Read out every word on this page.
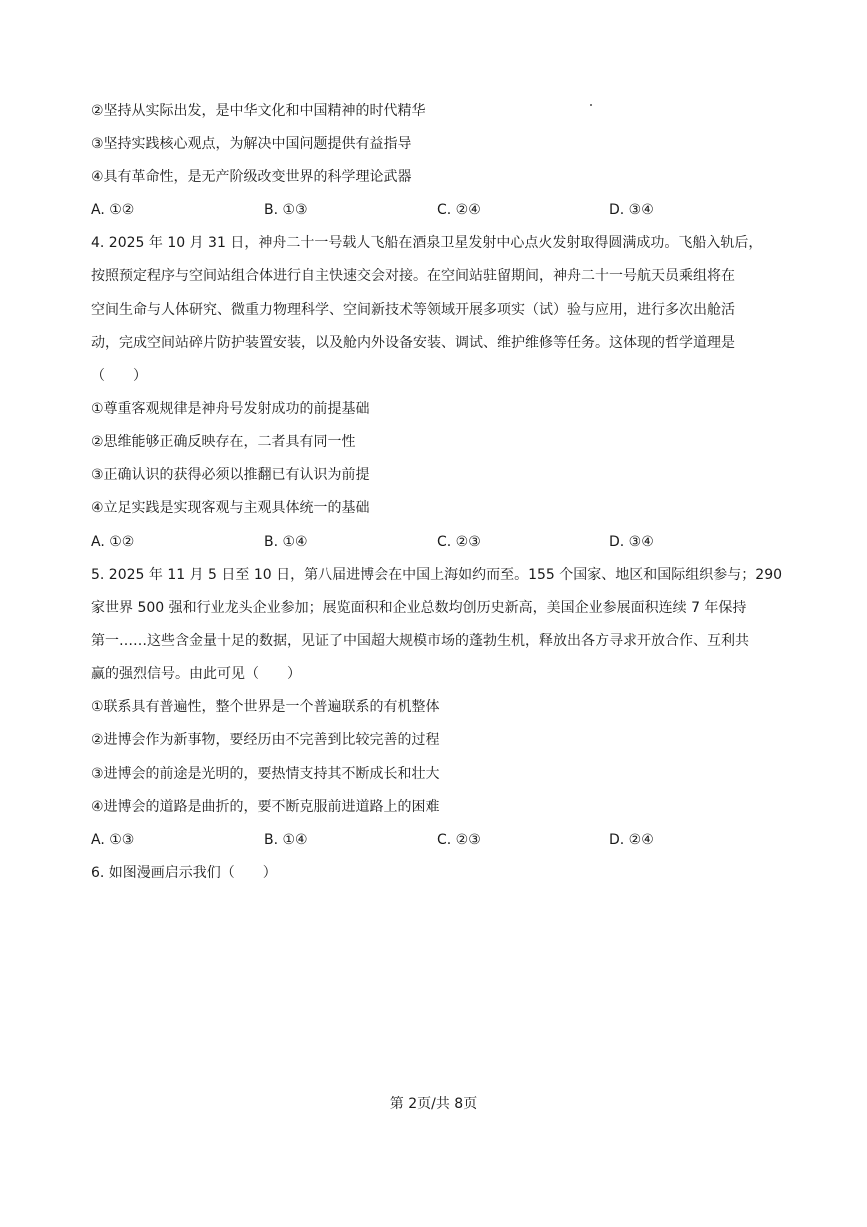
②坚持从实际出发，是中华文化和中国精神的时代精华
③坚持实践核心观点，为解决中国问题提供有益指导
④具有革命性，是无产阶级改变世界的科学理论武器
A. ①②	B. ①③	C. ②④	D. ③④
4. 2025 年 10 月 31 日，神舟二十一号载人飞船在酒泉卫星发射中心点火发射取得圆满成功。飞船入轨后，
按照预定程序与空间站组合体进行自主快速交会对接。在空间站驻留期间，神舟二十一号航天员乘组将在
空间生命与人体研究、微重力物理科学、空间新技术等领域开展多项实（试）验与应用，进行多次出舱活
动，完成空间站碎片防护装置安装，以及舱内外设备安装、调试、维护维修等任务。这体现的哲学道理是
（　　）
①尊重客观规律是神舟号发射成功的前提基础
②思维能够正确反映存在，二者具有同一性
③正确认识的获得必须以推翻已有认识为前提
④立足实践是实现客观与主观具体统一的基础
A. ①②	B. ①④	C. ②③	D. ③④
5. 2025 年 11 月 5 日至 10 日，第八届进博会在中国上海如约而至。155 个国家、地区和国际组织参与；290
家世界 500 强和行业龙头企业参加；展览面积和企业总数均创历史新高，美国企业参展面积连续 7 年保持
第一……这些含金量十足的数据，见证了中国超大规模市场的蓬勃生机，释放出各方寻求开放合作、互利共
赢的强烈信号。由此可见（　　）
①联系具有普遍性，整个世界是一个普遍联系的有机整体
②进博会作为新事物，要经历由不完善到比较完善的过程
③进博会的前途是光明的，要热情支持其不断成长和壮大
④进博会的道路是曲折的，要不断克服前进道路上的困难
A. ①③	B. ①④	C. ②③	D. ②④
6. 如图漫画启示我们（　　）
第 2页/共 8页
